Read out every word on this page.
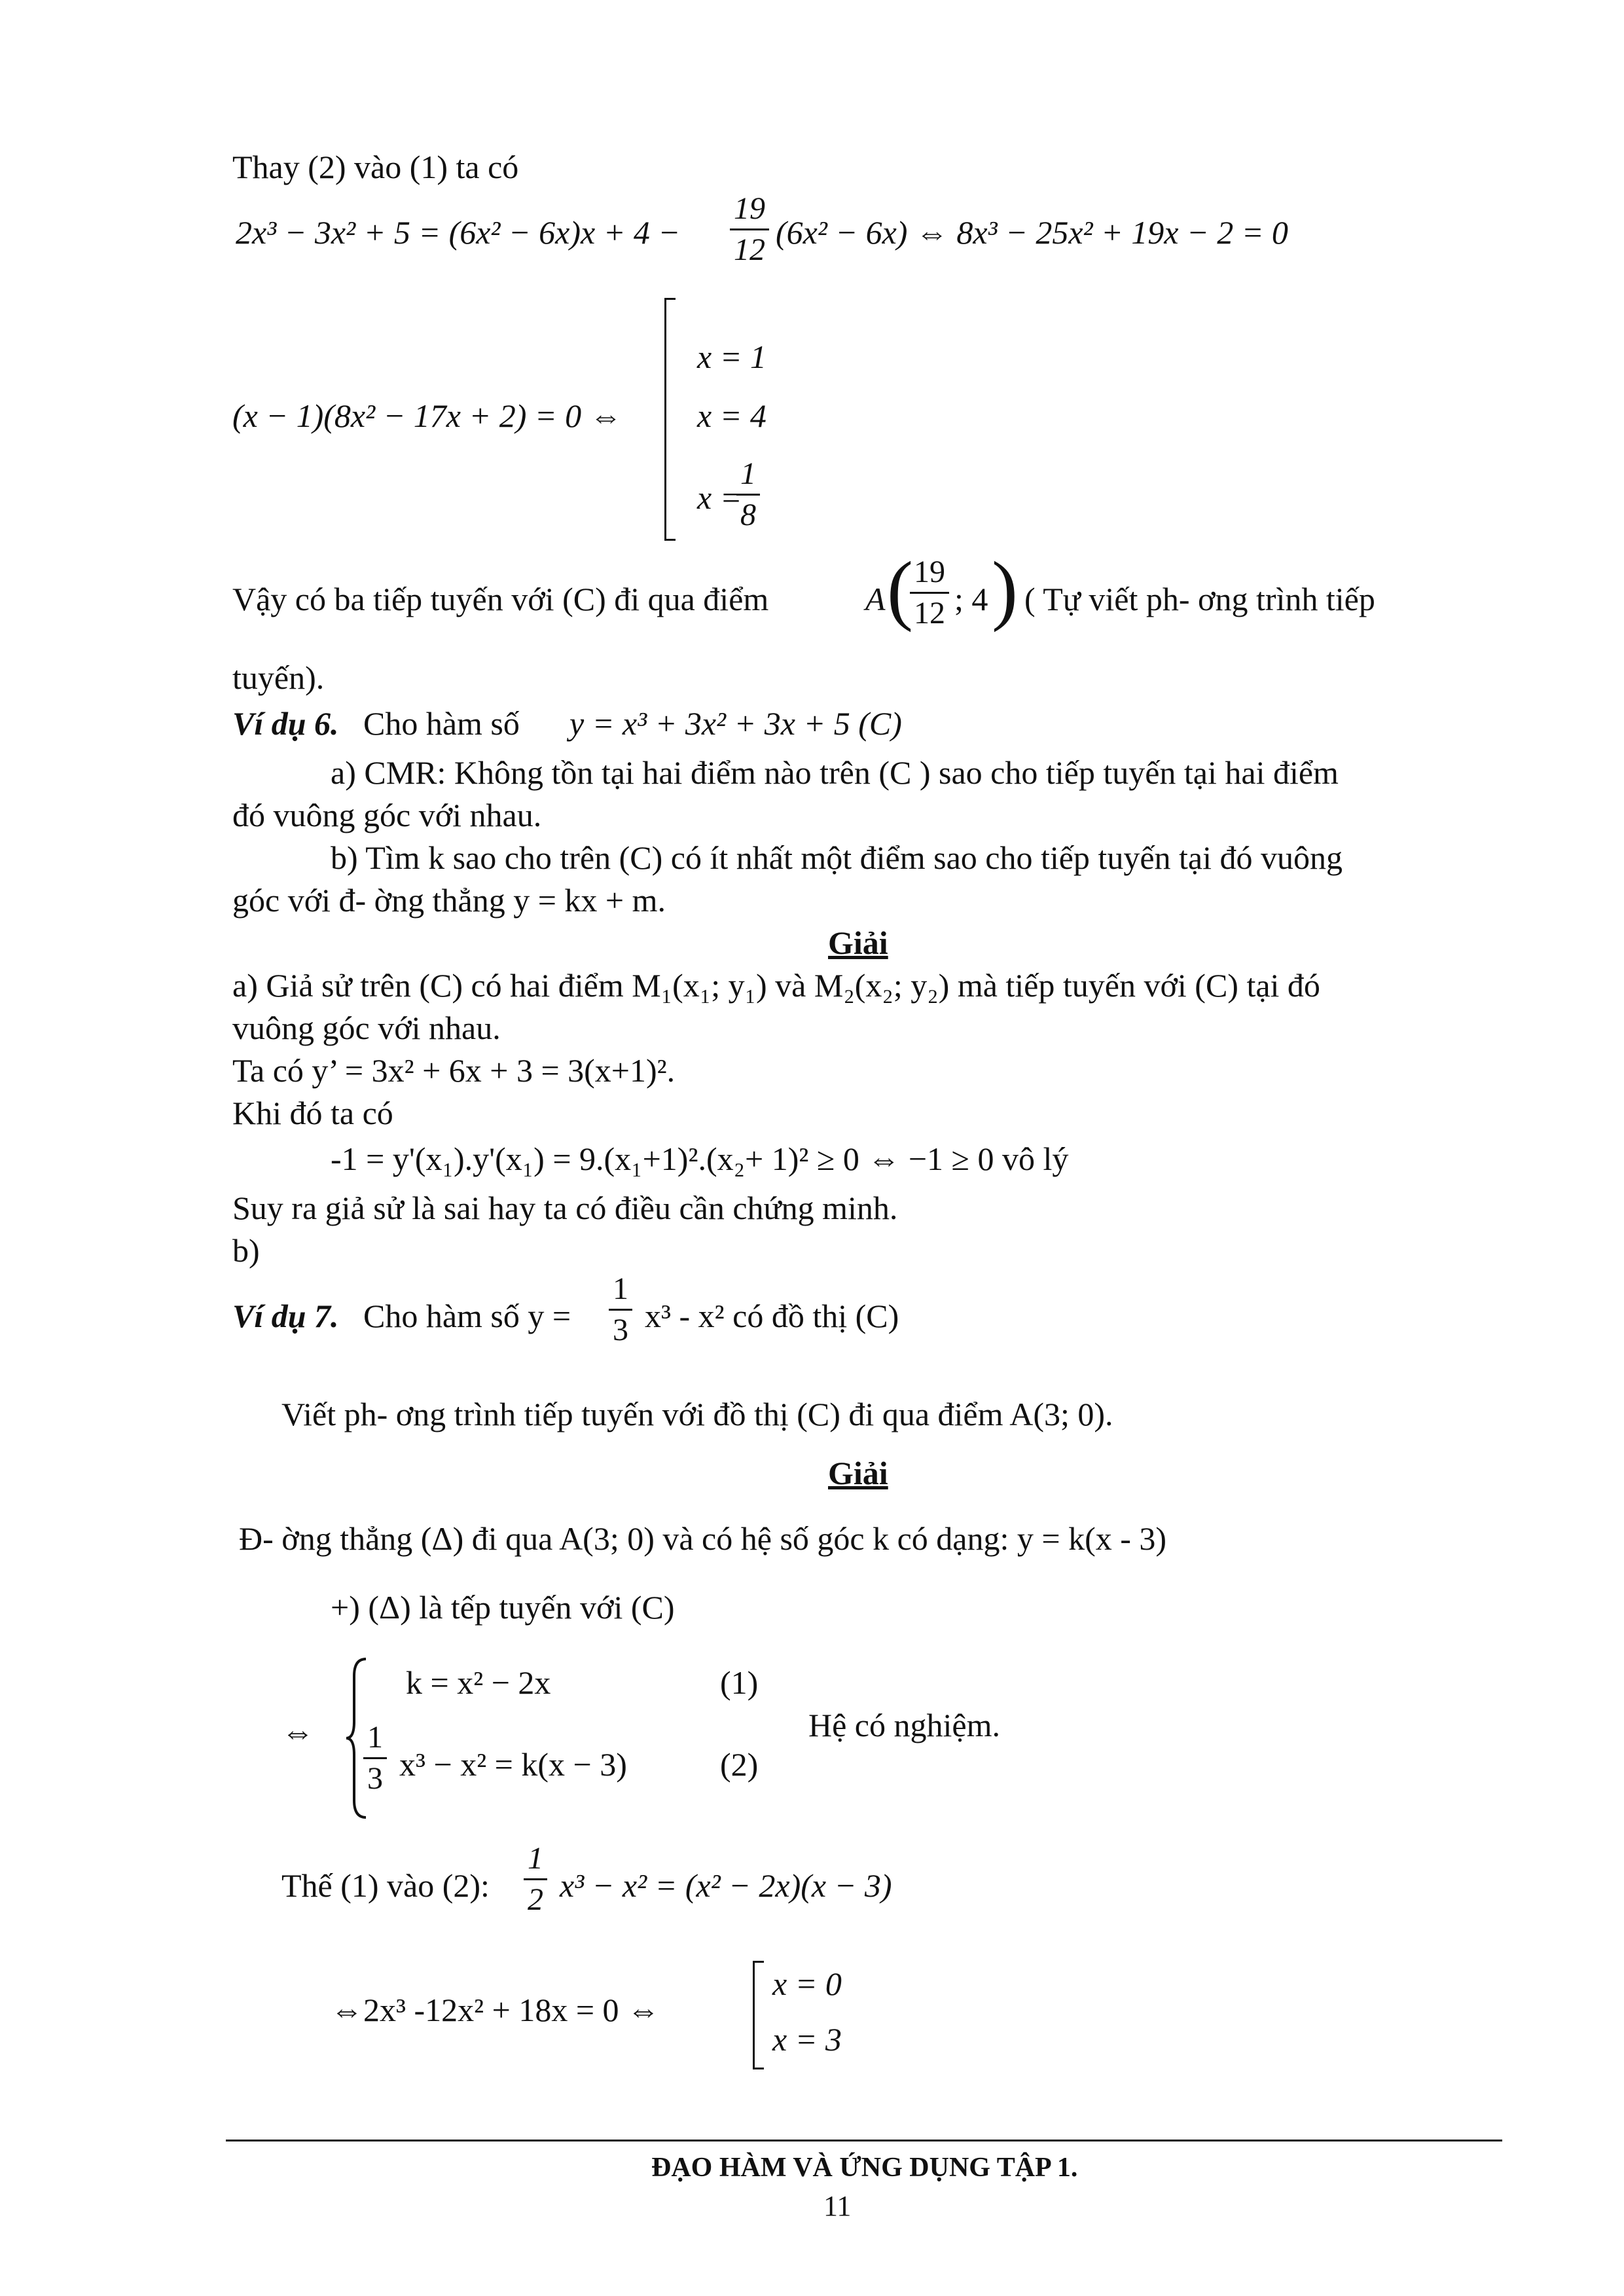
Thay (2) vào (1) ta có
2x³ − 3x² + 5 = (6x² − 6x)x + 4 −
19
12 (6x² − 6x) ⇔ 8x³ − 25x² + 19x − 2 = 0
(x − 1)(8x² − 17x + 2) = 0 ⇔
x = 1
x = 4
x =
1
8
Vậy có ba tiếp tuyến với (C) đi qua điểm	A ( 19
12 ; 4 ) ( Tự viết ph- ơng trình tiếp
tuyến).
Ví dụ 6. Cho hàm số y = x³ + 3x² + 3x + 5 (C)
a) CMR: Không tồn tại hai điểm nào trên (C ) sao cho tiếp tuyến tại hai điểm
đó vuông góc với nhau.
b) Tìm k sao cho trên (C) có ít nhất một điểm sao cho tiếp tuyến tại đó vuông
góc với đ- ờng thẳng y = kx + m.
Giải
a) Giả sử trên (C) có hai điểm M₁(x₁; y₁) và M₂(x₂; y₂) mà tiếp tuyến với (C) tại đó
vuông góc với nhau.
Ta có y’ = 3x² + 6x + 3 = 3(x+1)².
Khi đó ta có
-1 = y'(x₁).y'(x₁) = 9.(x₁+1)².(x₂+ 1)² ≥ 0 ⇔ −1 ≥ 0 vô lý
Suy ra giả sử là sai hay ta có điều cần chứng minh.
b)
Ví dụ 7. Cho hàm số y =
1
3 x³ - x² có đồ thị (C)
Viết ph- ơng trình tiếp tuyến với đồ thị (C) đi qua điểm A(3; 0).
Giải
Đ- ờng thẳng (Δ) đi qua A(3; 0) và có hệ số góc k có dạng: y = k(x - 3)
+) (Δ) là tếp tuyến với (C)
⇔
k = x² − 2x	(1)
1
3 x³ − x² = k(x − 3)	(2)
Hệ có nghiệm.
Thế (1) vào (2):
1
2 x³ − x² = (x² − 2x)(x − 3)
⇔2x³ -12x² + 18x = 0 ⇔
x = 0
x = 3
ĐẠO HÀM VÀ ỨNG DỤNG TẬP 1.
11
